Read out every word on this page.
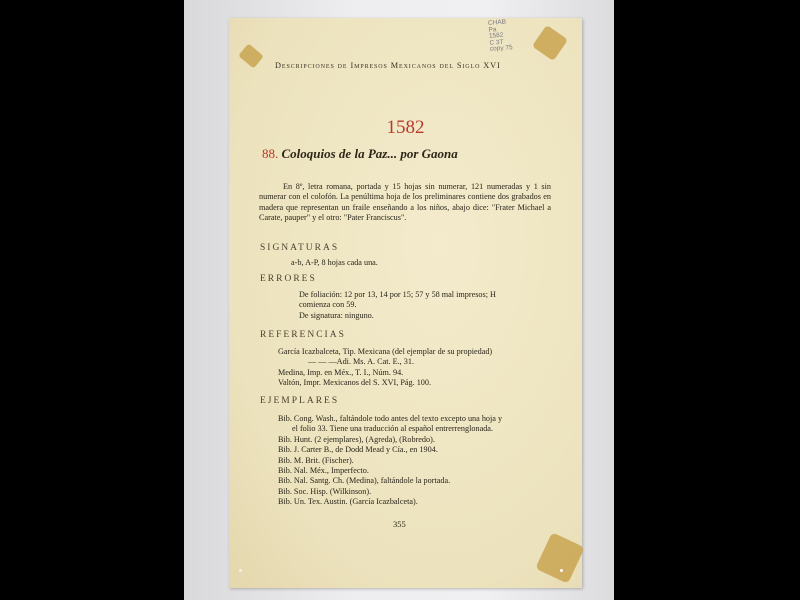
CHAB
Pa
1582
C 3T
copy 75
Descripciones de Impresos Mexicanos del Siglo XVI
1582
88. Coloquios de la Paz... por Gaona
En 8º, letra romana, portada y 15 hojas sin numerar, 121 numeradas y 1 sin numerar con el colofón. La penúltima hoja de los preliminares contiene dos grabados en madera que representan un fraile enseñando a los niños, abajo dice: "Frater Michael a Carate, pauper" y el otro: "Pater Franciscus".
SIGNATURAS
a-b, A-P, 8 hojas cada una.
ERRORES
De foliación: 12 por 13, 14 por 15; 57 y 58 mal impresos; H
comienza con 59.
De signatura: ninguno.
REFERENCIAS
García Icazbalceta, Tip. Mexicana (del ejemplar de su propiedad)
— — —Adi. Ms. A. Cat. E., 31.
Medina, Imp. en Méx., T. I., Núm. 94.
Valtón, Impr. Mexicanos del S. XVI, Pág. 100.
EJEMPLARES
Bib. Cong. Wash., faltándole todo antes del texto excepto una hoja y
el folio 33. Tiene una traducción al español entrerrenglonada.
Bib. Hunt. (2 ejemplares), (Agreda), (Robredo).
Bib. J. Carter B., de Dodd Mead y Cía., en 1904.
Bib. M. Brit. (Fischer).
Bib. Nal. Méx., Imperfecto.
Bib. Nal. Santg. Ch. (Medina), faltándole la portada.
Bib. Soc. Hisp. (Wilkinson).
Bib. Un. Tex. Austin. (García Icazbalceta).
355
